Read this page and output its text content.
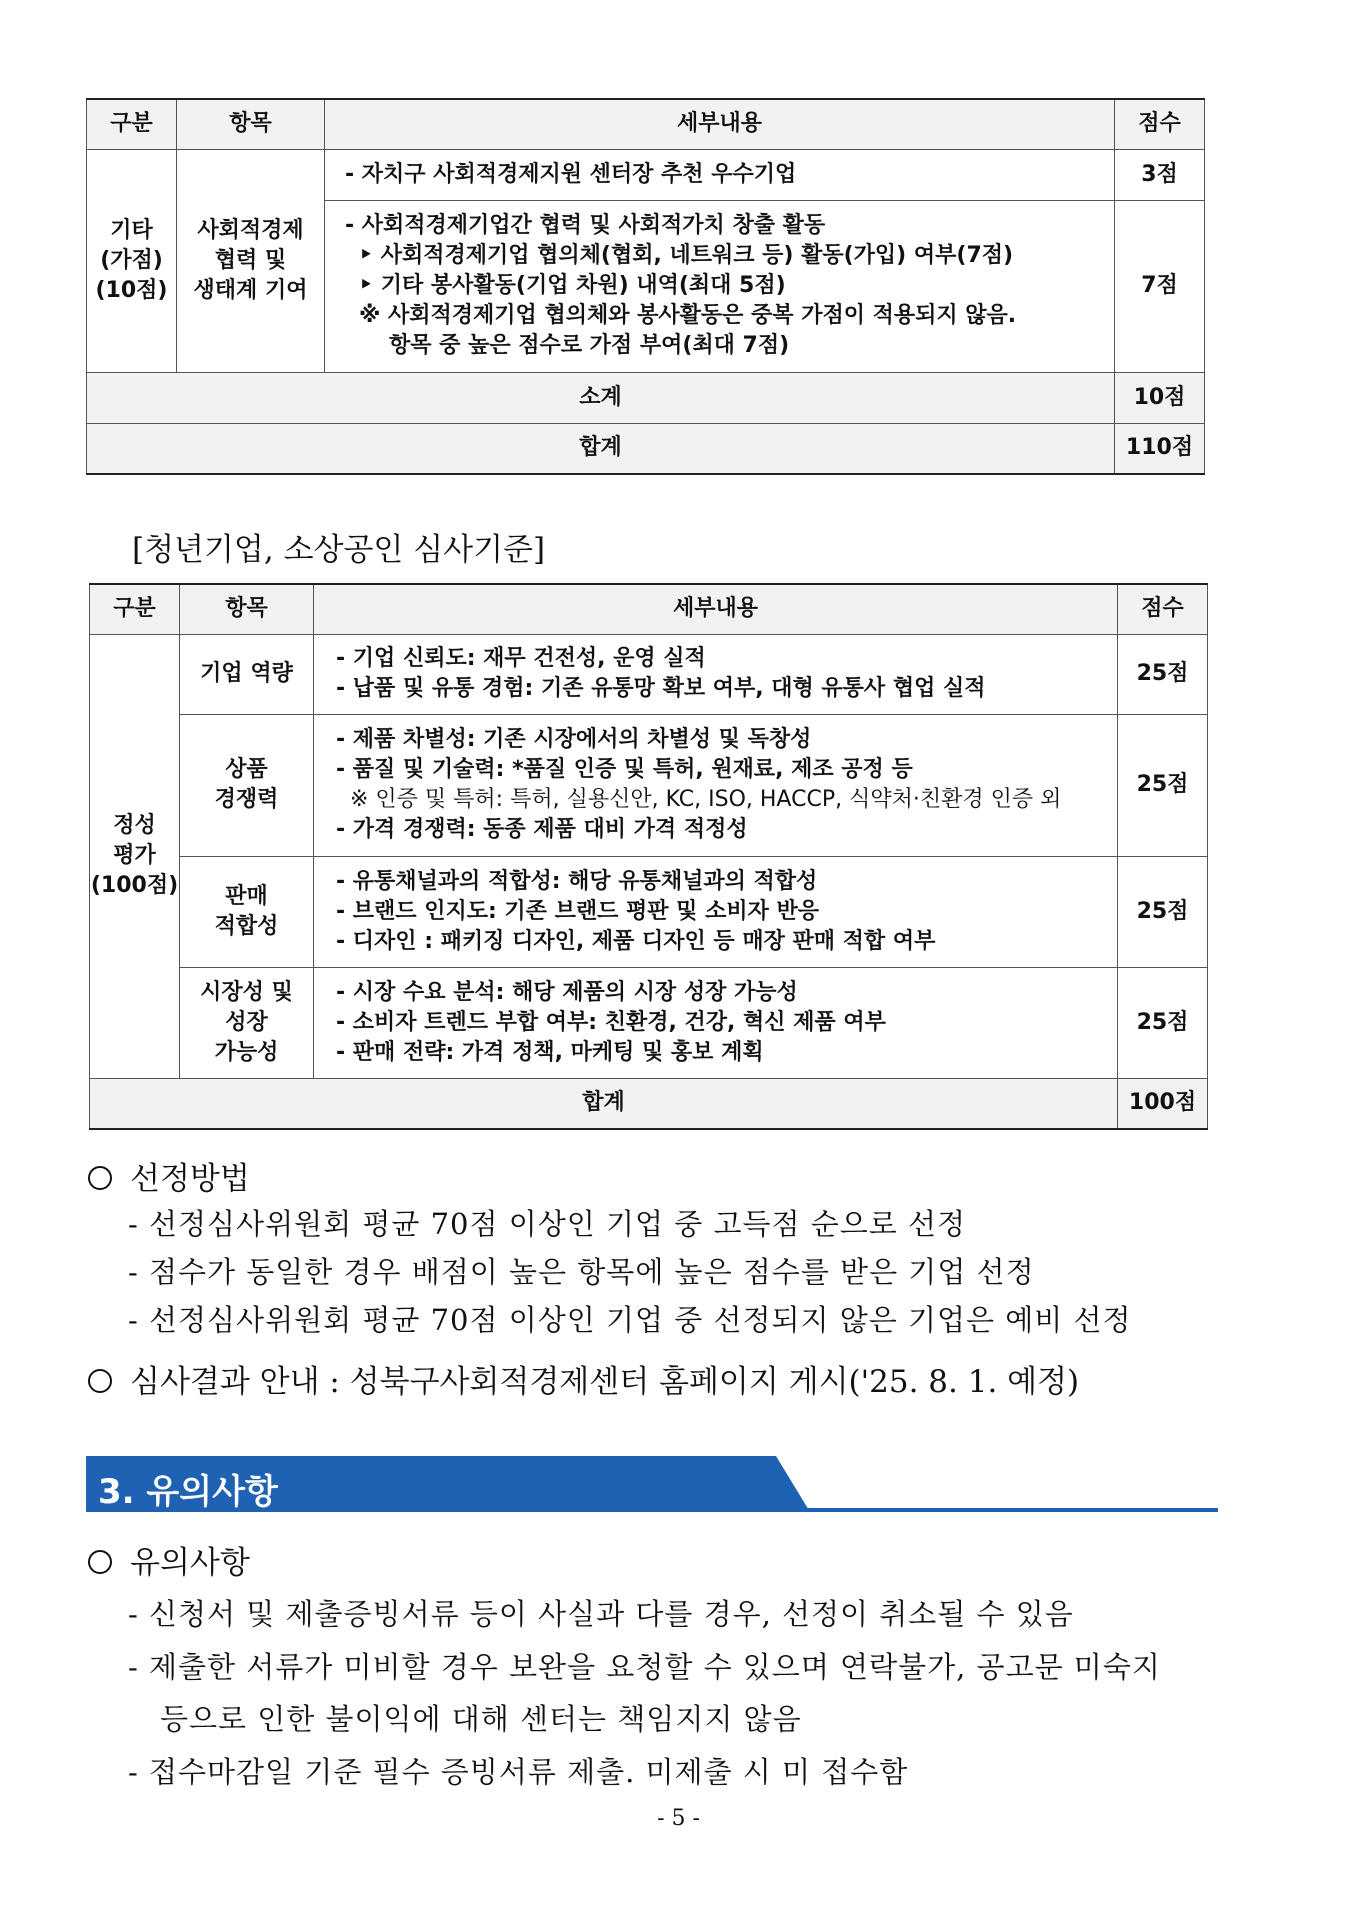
구분	항목	세부내용	점수

기타
(가점)
(10점)	사회적경제
협력 및
생태계 기여	- 자치구 사회적경제지원 센터장 추천 우수기업	3점

		- 사회적경제기업간 협력 및 사회적가치 창출 활동
‣ 사회적경제기업 협의체(협회, 네트워크 등) 활동(가입) 여부(7점)
‣ 기타 봉사활동(기업 차원) 내역(최대 5점)
※ 사회적경제기업 협의체와 봉사활동은 중복 가점이 적용되지 않음.
항목 중 높은 점수로 가점 부여(최대 7점)	7점
소계			10점
합계			110점
[청년기업, 소상공인 심사기준]
구분	항목	세부내용	점수

정성
평가
(100점)	기업 역량	- 기업 신뢰도: 재무 건전성, 운영 실적
- 납품 및 유통 경험: 기존 유통망 확보 여부, 대형 유통사 협업 실적	25점

	상품
경쟁력	- 제품 차별성: 기존 시장에서의 차별성 및 독창성
- 품질 및 기술력: *품질 인증 및 특허, 원재료, 제조 공정 등
※ 인증 및 특허: 특허, 실용신안, KC, ISO, HACCP, 식약처·친환경 인증 외
- 가격 경쟁력: 동종 제품 대비 가격 적정성	25점

	판매
적합성	- 유통채널과의 적합성: 해당 유통채널과의 적합성
- 브랜드 인지도: 기존 브랜드 평판 및 소비자 반응
- 디자인 : 패키징 디자인, 제품 디자인 등 매장 판매 적합 여부	25점

	시장성 및
성장
가능성	- 시장 수요 분석: 해당 제품의 시장 성장 가능성
- 소비자 트렌드 부합 여부: 친환경, 건강, 혁신 제품 여부
- 판매 전략: 가격 정책, 마케팅 및 홍보 계획	25점
합계			100점
선정방법
- 선정심사위원회 평균 70점 이상인 기업 중 고득점 순으로 선정
- 점수가 동일한 경우 배점이 높은 항목에 높은 점수를 받은 기업 선정
- 선정심사위원회 평균 70점 이상인 기업 중 선정되지 않은 기업은 예비 선정
심사결과 안내 : 성북구사회적경제센터 홈페이지 게시('25. 8. 1. 예정)
3. 유의사항
유의사항
- 신청서 및 제출증빙서류 등이 사실과 다를 경우, 선정이 취소될 수 있음
- 제출한 서류가 미비할 경우 보완을 요청할 수 있으며 연락불가, 공고문 미숙지
등으로 인한 불이익에 대해 센터는 책임지지 않음
- 접수마감일 기준 필수 증빙서류 제출. 미제출 시 미 접수함
- 5 -
